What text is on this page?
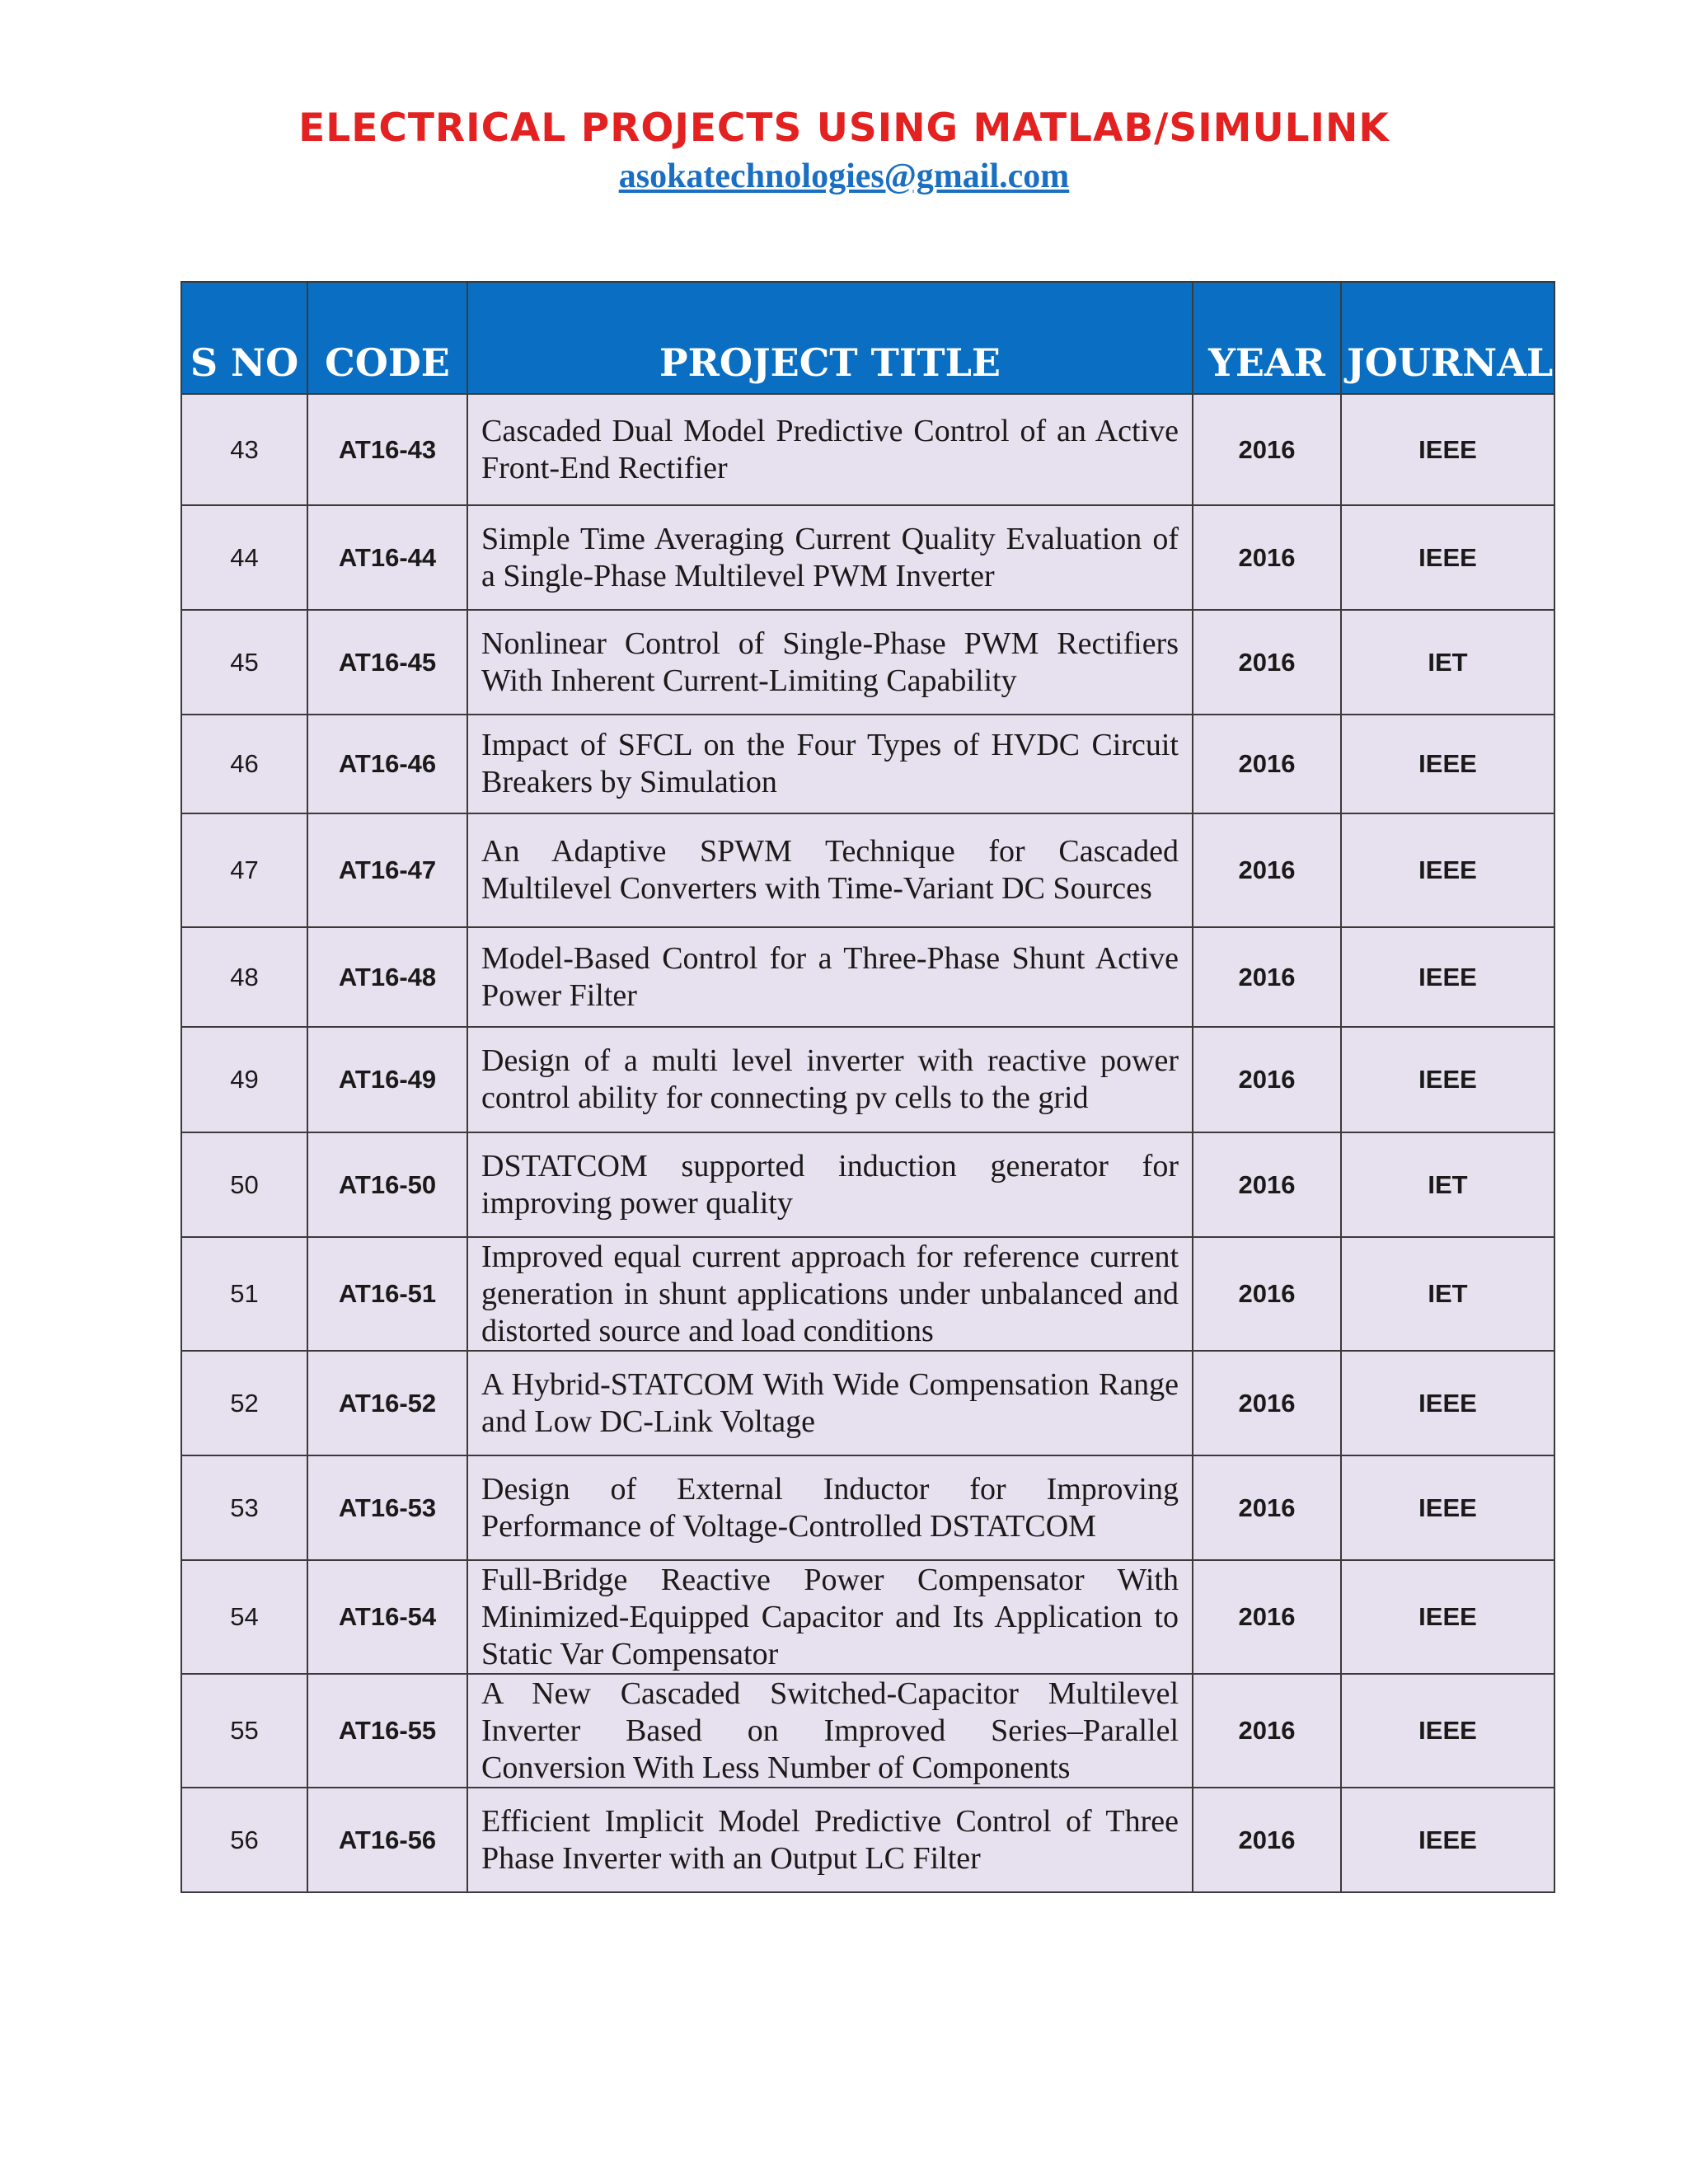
ELECTRICAL PROJECTS USING MATLAB/SIMULINK
asokatechnologies@gmail.com
S NO	CODE	PROJECT TITLE	YEAR	JOURNAL
43	AT16-43	Cascaded Dual Model Predictive Control of an Active Front-End Rectifier	2016	IEEE
44	AT16-44	Simple Time Averaging Current Quality Evaluation of a Single-Phase Multilevel PWM Inverter	2016	IEEE
45	AT16-45	Nonlinear Control of Single-Phase PWM Rectifiers With Inherent Current-Limiting Capability	2016	IET
46	AT16-46	Impact of SFCL on the Four Types of HVDC Circuit Breakers by Simulation	2016	IEEE
47	AT16-47	An Adaptive SPWM Technique for Cascaded Multilevel Converters with Time-Variant DC Sources	2016	IEEE
48	AT16-48	Model-Based Control for a Three-Phase Shunt Active Power Filter	2016	IEEE
49	AT16-49	Design of a multi level inverter with reactive power control ability for connecting pv cells to the grid	2016	IEEE
50	AT16-50	DSTATCOM supported induction generator for improving power quality	2016	IET
51	AT16-51	Improved equal current approach for reference current generation in shunt applications under unbalanced and distorted source and load conditions	2016	IET
52	AT16-52	A Hybrid-STATCOM With Wide Compensation Range and Low DC-Link Voltage	2016	IEEE
53	AT16-53	Design of External Inductor for Improving Performance of Voltage-Controlled DSTATCOM	2016	IEEE
54	AT16-54	Full-Bridge Reactive Power Compensator With Minimized-Equipped Capacitor and Its Application to Static Var Compensator	2016	IEEE
55	AT16-55	A New Cascaded Switched-Capacitor Multilevel Inverter Based on Improved Series–Parallel Conversion With Less Number of Components	2016	IEEE
56	AT16-56	Efficient Implicit Model Predictive Control of Three Phase Inverter with an Output LC Filter	2016	IEEE
